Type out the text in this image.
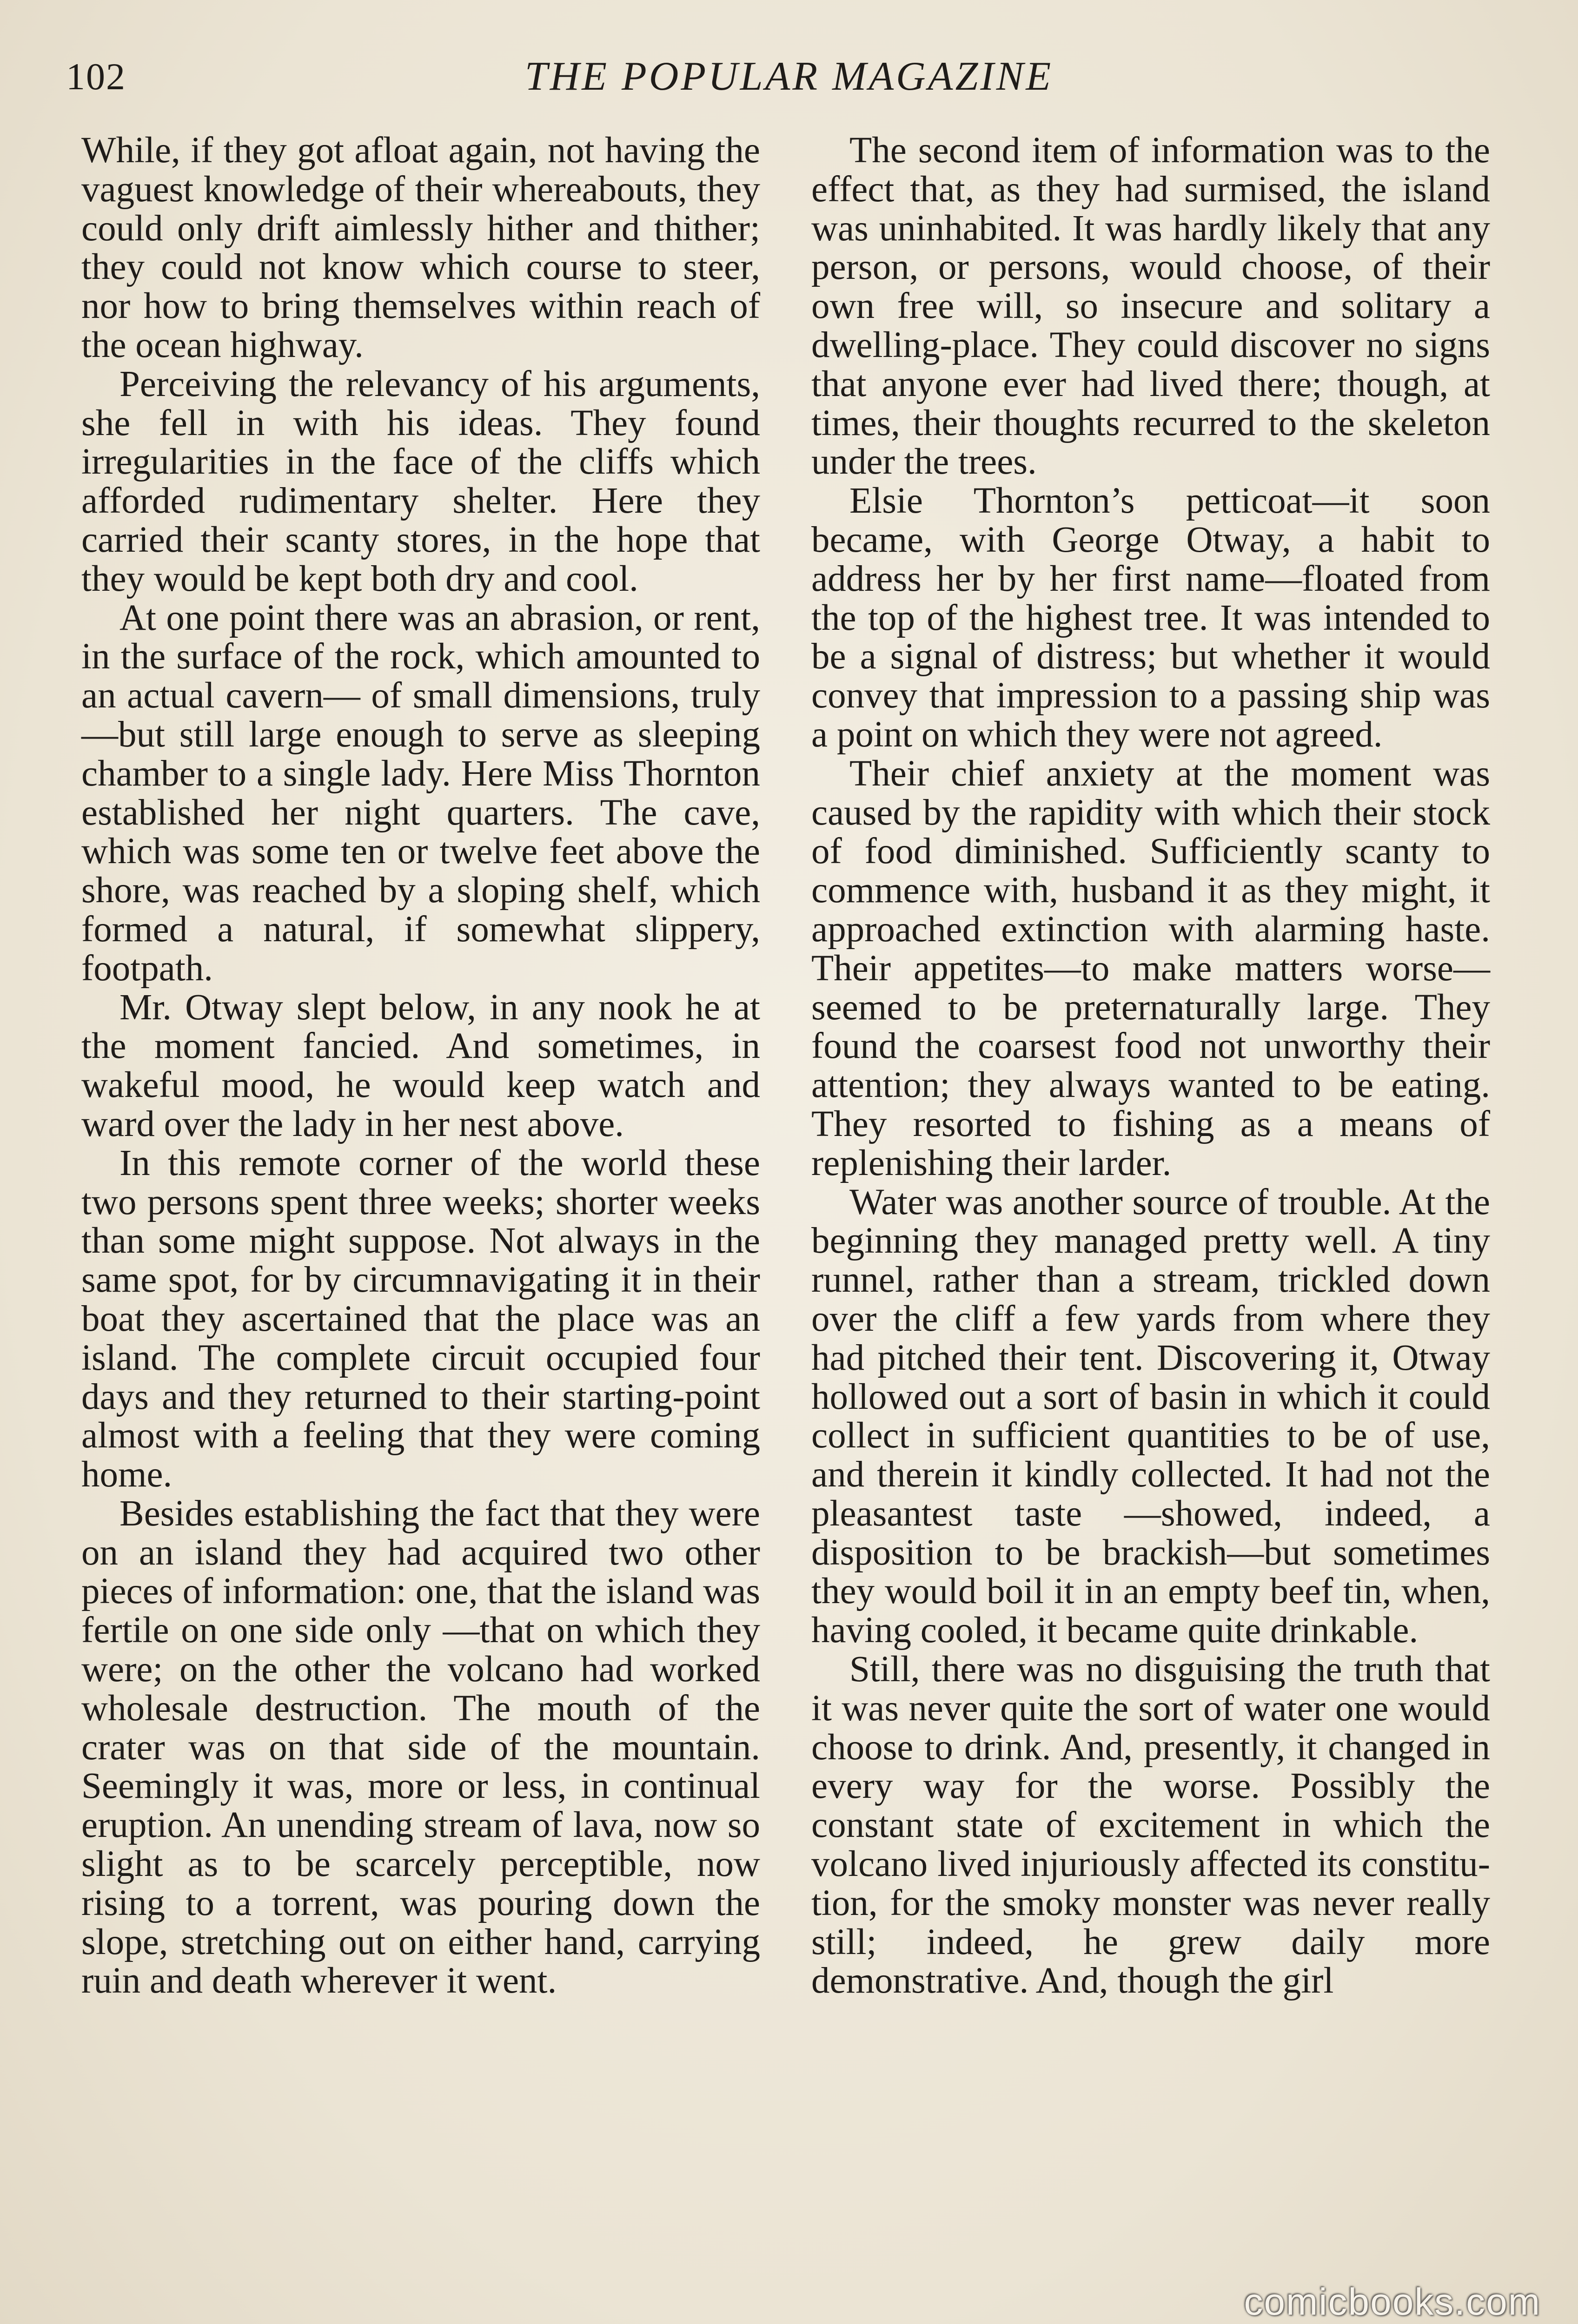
102	THE POPULAR MAGAZINE

While, if they got afloat again, not having the vaguest knowledge of their whereabouts, they could only drift aimlessly hither and thither; they could not know which course to steer, nor how to bring themselves within reach of the ocean highway.

Perceiving the relevancy of his arguments, she fell in with his ideas. They found irregularities in the face of the cliffs which afforded rudimentary shelter. Here they carried their scanty stores, in the hope that they would be kept both dry and cool.

At one point there was an abrasion, or rent, in the surface of the rock, which amounted to an actual cavern— of small dimensions, truly—but still large enough to serve as sleeping chamber to a single lady. Here Miss Thornton established her night quarters. The cave, which was some ten or twelve feet above the shore, was reached by a sloping shelf, which formed a natural, if somewhat slippery, footpath.

Mr. Otway slept below, in any nook he at the moment fancied. And sometimes, in wakeful mood, he would keep watch and ward over the lady in her nest above.

In this remote corner of the world these two persons spent three weeks; shorter weeks than some might suppose. Not always in the same spot, for by circumnavigating it in their boat they ascertained that the place was an island. The complete circuit occupied four days and they returned to their starting-point almost with a feeling that they were coming home.

Besides establishing the fact that they were on an island they had acquired two other pieces of information: one, that the island was fertile on one side only —that on which they were; on the other the volcano had worked wholesale destruction. The mouth of the crater was on that side of the mountain. Seemingly it was, more or less, in continual eruption. An unending stream of lava, now so slight as to be scarcely perceptible, now rising to a torrent, was pouring down the slope, stretching out on either hand, carrying ruin and death wherever it went.

The second item of information was to the effect that, as they had surmised, the island was uninhabited. It was hardly likely that any person, or persons, would choose, of their own free will, so insecure and solitary a dwelling-place. They could discover no signs that anyone ever had lived there; though, at times, their thoughts recurred to the skeleton under the trees.

Elsie Thornton’s petticoat—it soon became, with George Otway, a habit to address her by her first name—floated from the top of the highest tree. It was intended to be a signal of distress; but whether it would convey that impression to a passing ship was a point on which they were not agreed.

Their chief anxiety at the moment was caused by the rapidity with which their stock of food diminished. Sufficiently scanty to commence with, husband it as they might, it approached extinction with alarming haste. Their appetites—to make matters worse— seemed to be preternaturally large. They found the coarsest food not unworthy their attention; they always wanted to be eating. They resorted to fishing as a means of replenishing their larder.

Water was another source of trouble. At the beginning they managed pretty well. A tiny runnel, rather than a stream, trickled down over the cliff a few yards from where they had pitched their tent. Discovering it, Otway hollowed out a sort of basin in which it could collect in sufficient quantities to be of use, and therein it kindly collected. It had not the pleasantest taste —showed, indeed, a disposition to be brackish—but sometimes they would boil it in an empty beef tin, when, having cooled, it became quite drinkable.

Still, there was no disguising the truth that it was never quite the sort of water one would choose to drink. And, presently, it changed in every way for the worse. Possibly the constant state of excitement in which the volcano lived injuriously affected its constitution, for the smoky monster was never really still; indeed, he grew daily more demonstrative. And, though the girl

comicbooks.com
